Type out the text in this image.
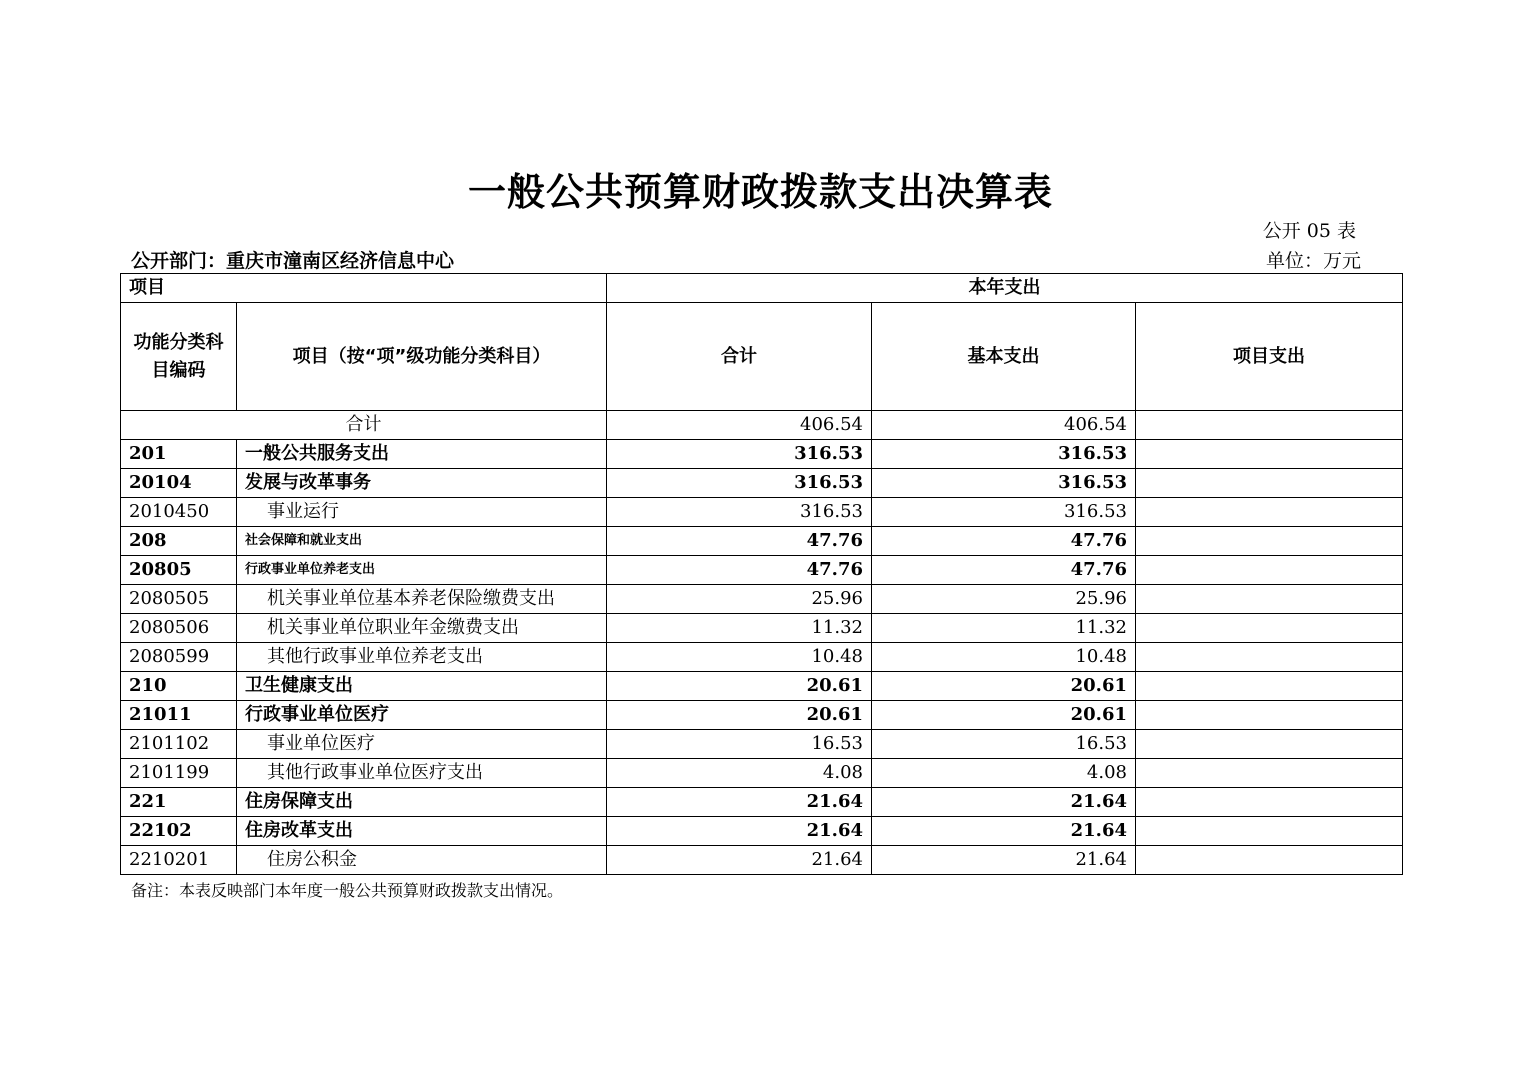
一般公共预算财政拨款支出决算表
公开 05 表
公开部门：重庆市潼南区经济信息中心	单位：万元
项目		本年支出		
功能分类科目编码	项目（按“项”级功能分类科目）	合计	基本支出	项目支出
合计		406.54	406.54	
201	一般公共服务支出	316.53	316.53	
20104	发展与改革事务	316.53	316.53	
2010450	事业运行	316.53	316.53	
208	社会保障和就业支出	47.76	47.76	
20805	行政事业单位养老支出	47.76	47.76	
2080505	机关事业单位基本养老保险缴费支出	25.96	25.96	
2080506	机关事业单位职业年金缴费支出	11.32	11.32	
2080599	其他行政事业单位养老支出	10.48	10.48	
210	卫生健康支出	20.61	20.61	
21011	行政事业单位医疗	20.61	20.61	
2101102	事业单位医疗	16.53	16.53	
2101199	其他行政事业单位医疗支出	4.08	4.08	
221	住房保障支出	21.64	21.64	
22102	住房改革支出	21.64	21.64	
2210201	住房公积金	21.64	21.64	
备注：本表反映部门本年度一般公共预算财政拨款支出情况。
